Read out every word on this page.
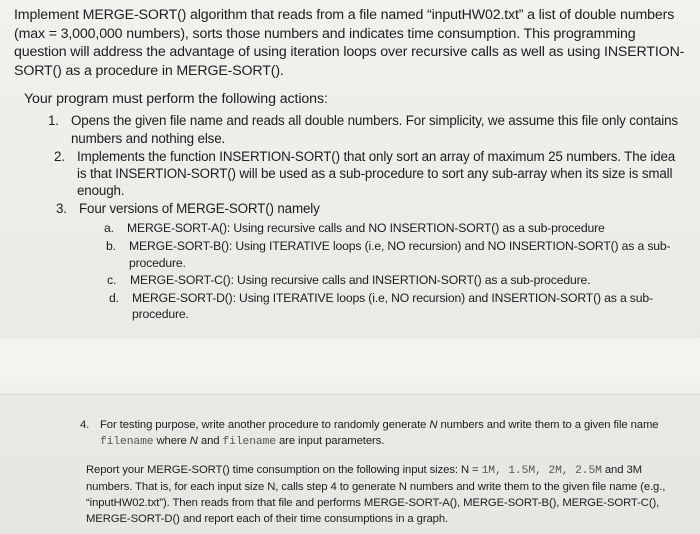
Implement MERGE-SORT() algorithm that reads from a file named “inputHW02.txt” a list of double numbers (max = 3,000,000 numbers), sorts those numbers and indicates time consumption. This programming question will address the advantage of using iteration loops over recursive calls as well as using INSERTION-SORT() as a procedure in MERGE-SORT().

Your program must perform the following actions:

1. Opens the given file name and reads all double numbers. For simplicity, we assume this file only contains numbers and nothing else.
2. Implements the function INSERTION-SORT() that only sort an array of maximum 25 numbers. The idea is that INSERTION-SORT() will be used as a sub-procedure to sort any sub-array when its size is small enough.
3. Four versions of MERGE-SORT() namely
a. MERGE-SORT-A(): Using recursive calls and NO INSERTION-SORT() as a sub-procedure
b. MERGE-SORT-B(): Using ITERATIVE loops (i.e, NO recursion) and NO INSERTION-SORT() as a sub-procedure.
c. MERGE-SORT-C(): Using recursive calls and INSERTION-SORT() as a sub-procedure.
d. MERGE-SORT-D(): Using ITERATIVE loops (i.e, NO recursion) and INSERTION-SORT() as a sub-procedure.
4. For testing purpose, write another procedure to randomly generate N numbers and write them to a given file name filename where N and filename are input parameters.

Report your MERGE-SORT() time consumption on the following input sizes: N = 1M, 1.5M, 2M, 2.5M and 3M numbers. That is, for each input size N, calls step 4 to generate N numbers and write them to the given file name (e.g., “inputHW02.txt”). Then reads from that file and performs MERGE-SORT-A(), MERGE-SORT-B(), MERGE-SORT-C(), MERGE-SORT-D() and report each of their time consumptions in a graph.
